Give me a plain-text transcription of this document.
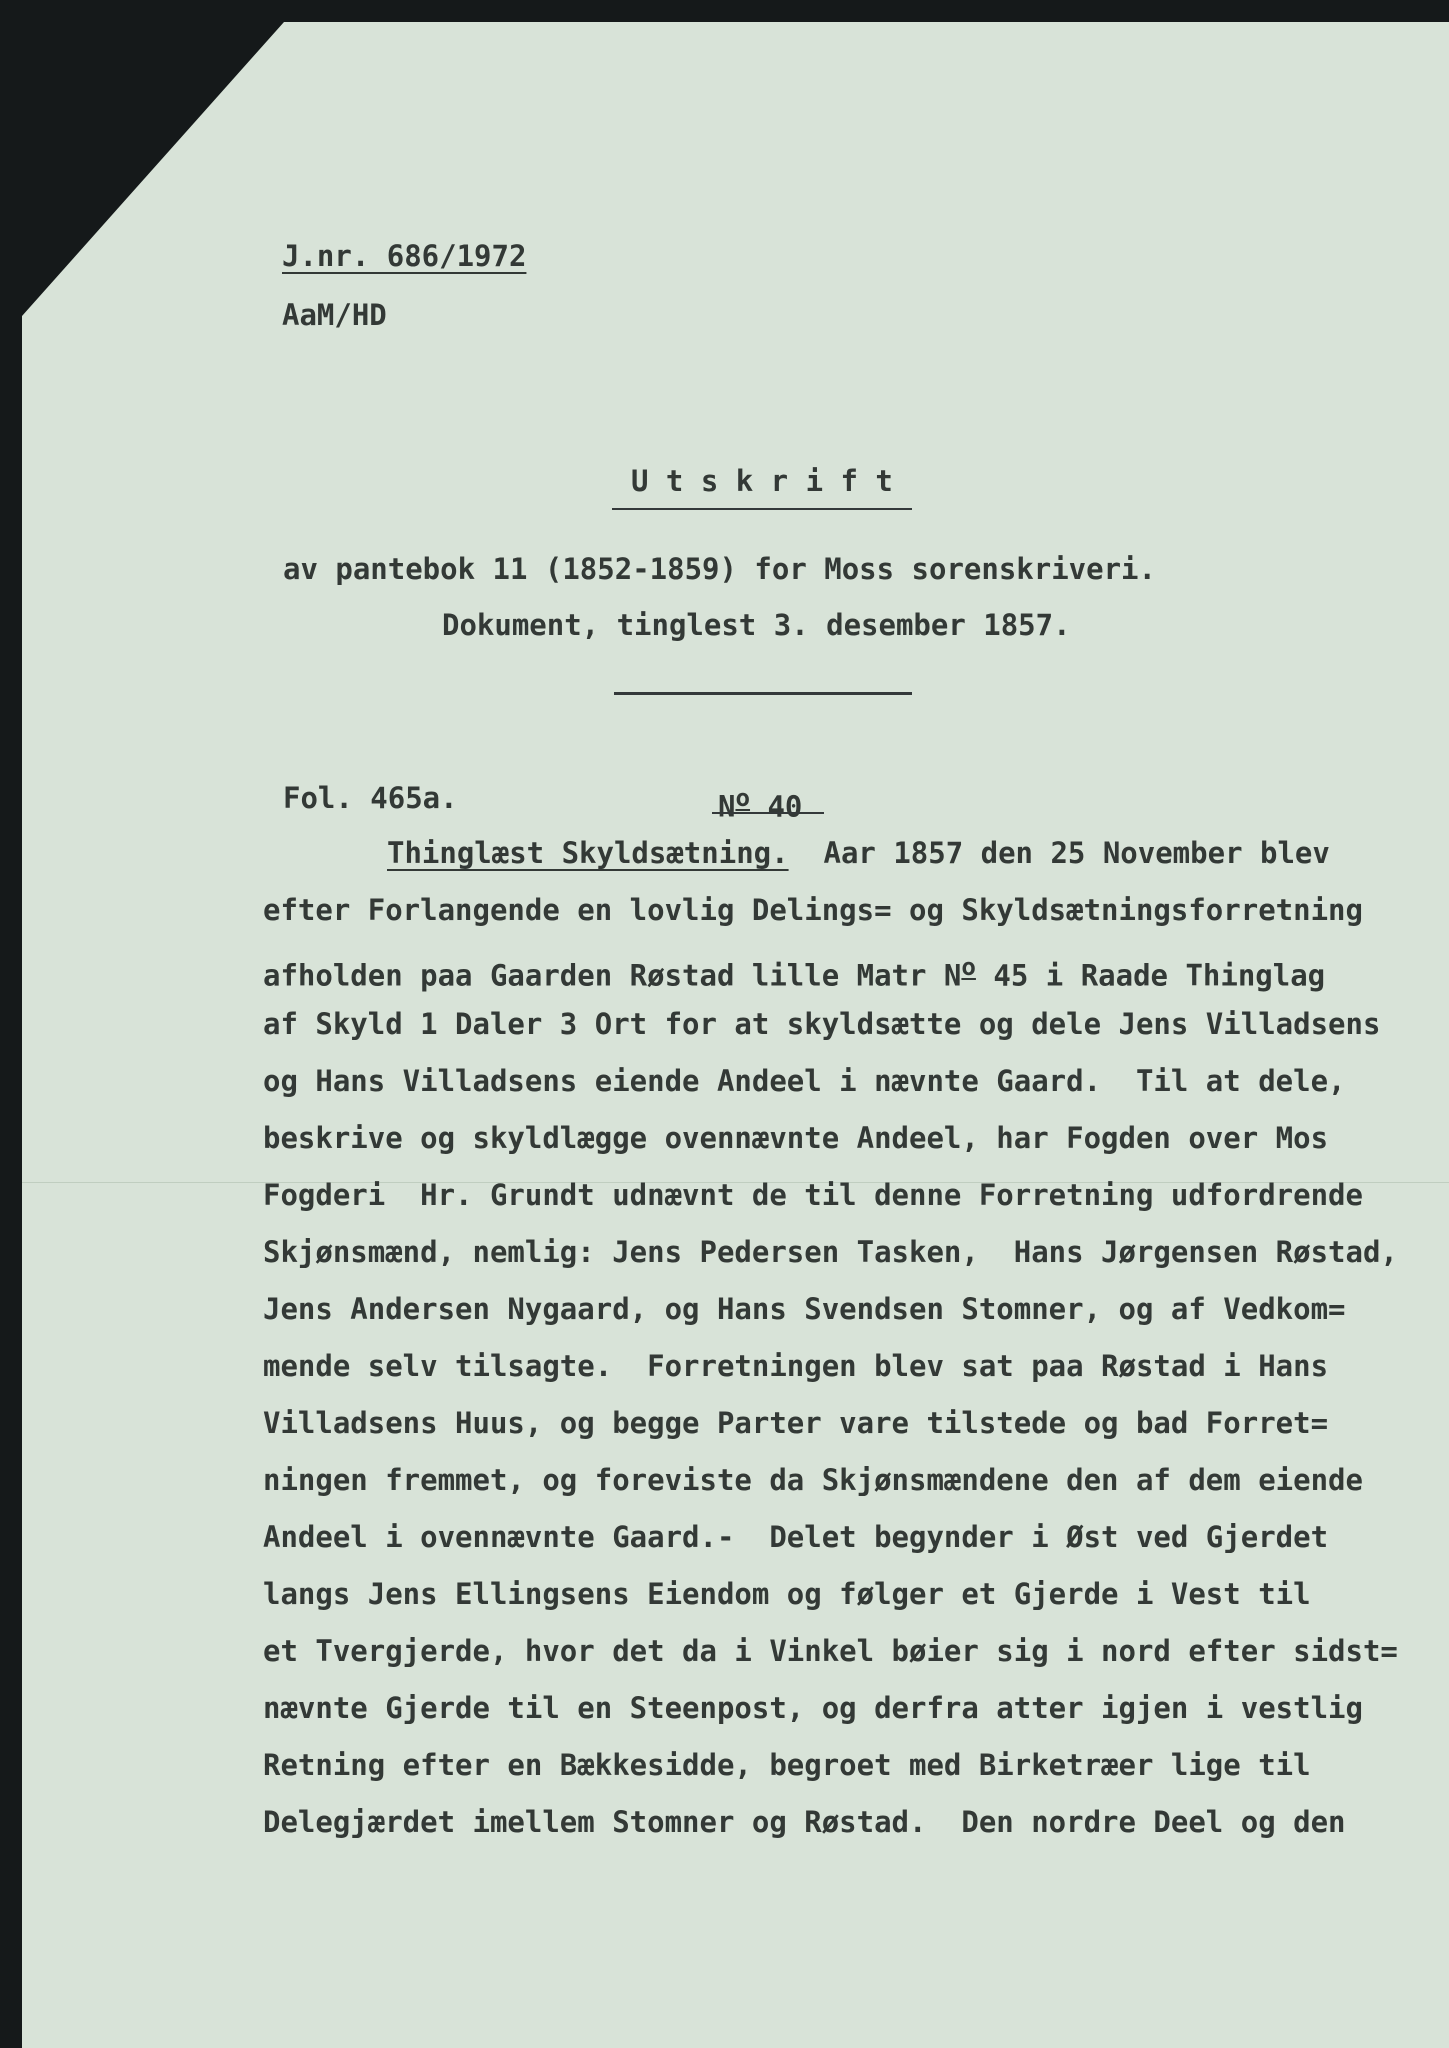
J.nr. 686/1972

AaM/HD

U t s k r i f t

av pantebok 11 (1852-1859) for Moss sorenskriveri.

Dokument, tinglest 3. desember 1857.

Fol. 465a.	$N^o$ 40

Thinglæst Skyldsætning.  Aar 1857 den 25 November blev

efter Forlangende en lovlig Delings= og Skyldsætningsforretning

afholden paa Gaarden Røstad lille Matr $N^o$ 45 i Raade Thinglag

af Skyld 1 Daler 3 Ort for at skyldsætte og dele Jens Villadsens

og Hans Villadsens eiende Andeel i nævnte Gaard.  Til at dele,

beskrive og skyldlægge ovennævnte Andeel, har Fogden over Mos

Fogderi  Hr. Grundt udnævnt de til denne Forretning udfordrende

Skjønsmænd, nemlig: Jens Pedersen Tasken,  Hans Jørgensen Røstad,

Jens Andersen Nygaard, og Hans Svendsen Stomner, og af Vedkom=

mende selv tilsagte.  Forretningen blev sat paa Røstad i Hans

Villadsens Huus, og begge Parter vare tilstede og bad Forret=

ningen fremmet, og foreviste da Skjønsmændene den af dem eiende

Andeel i ovennævnte Gaard.-  Delet begynder i Øst ved Gjerdet

langs Jens Ellingsens Eiendom og følger et Gjerde i Vest til

et Tvergjerde, hvor det da i Vinkel bøier sig i nord efter sidst=

nævnte Gjerde til en Steenpost, og derfra atter igjen i vestlig

Retning efter en Bækkesidde, begroet med Birketræer lige til

Delegjærdet imellem Stomner og Røstad.  Den nordre Deel og den
